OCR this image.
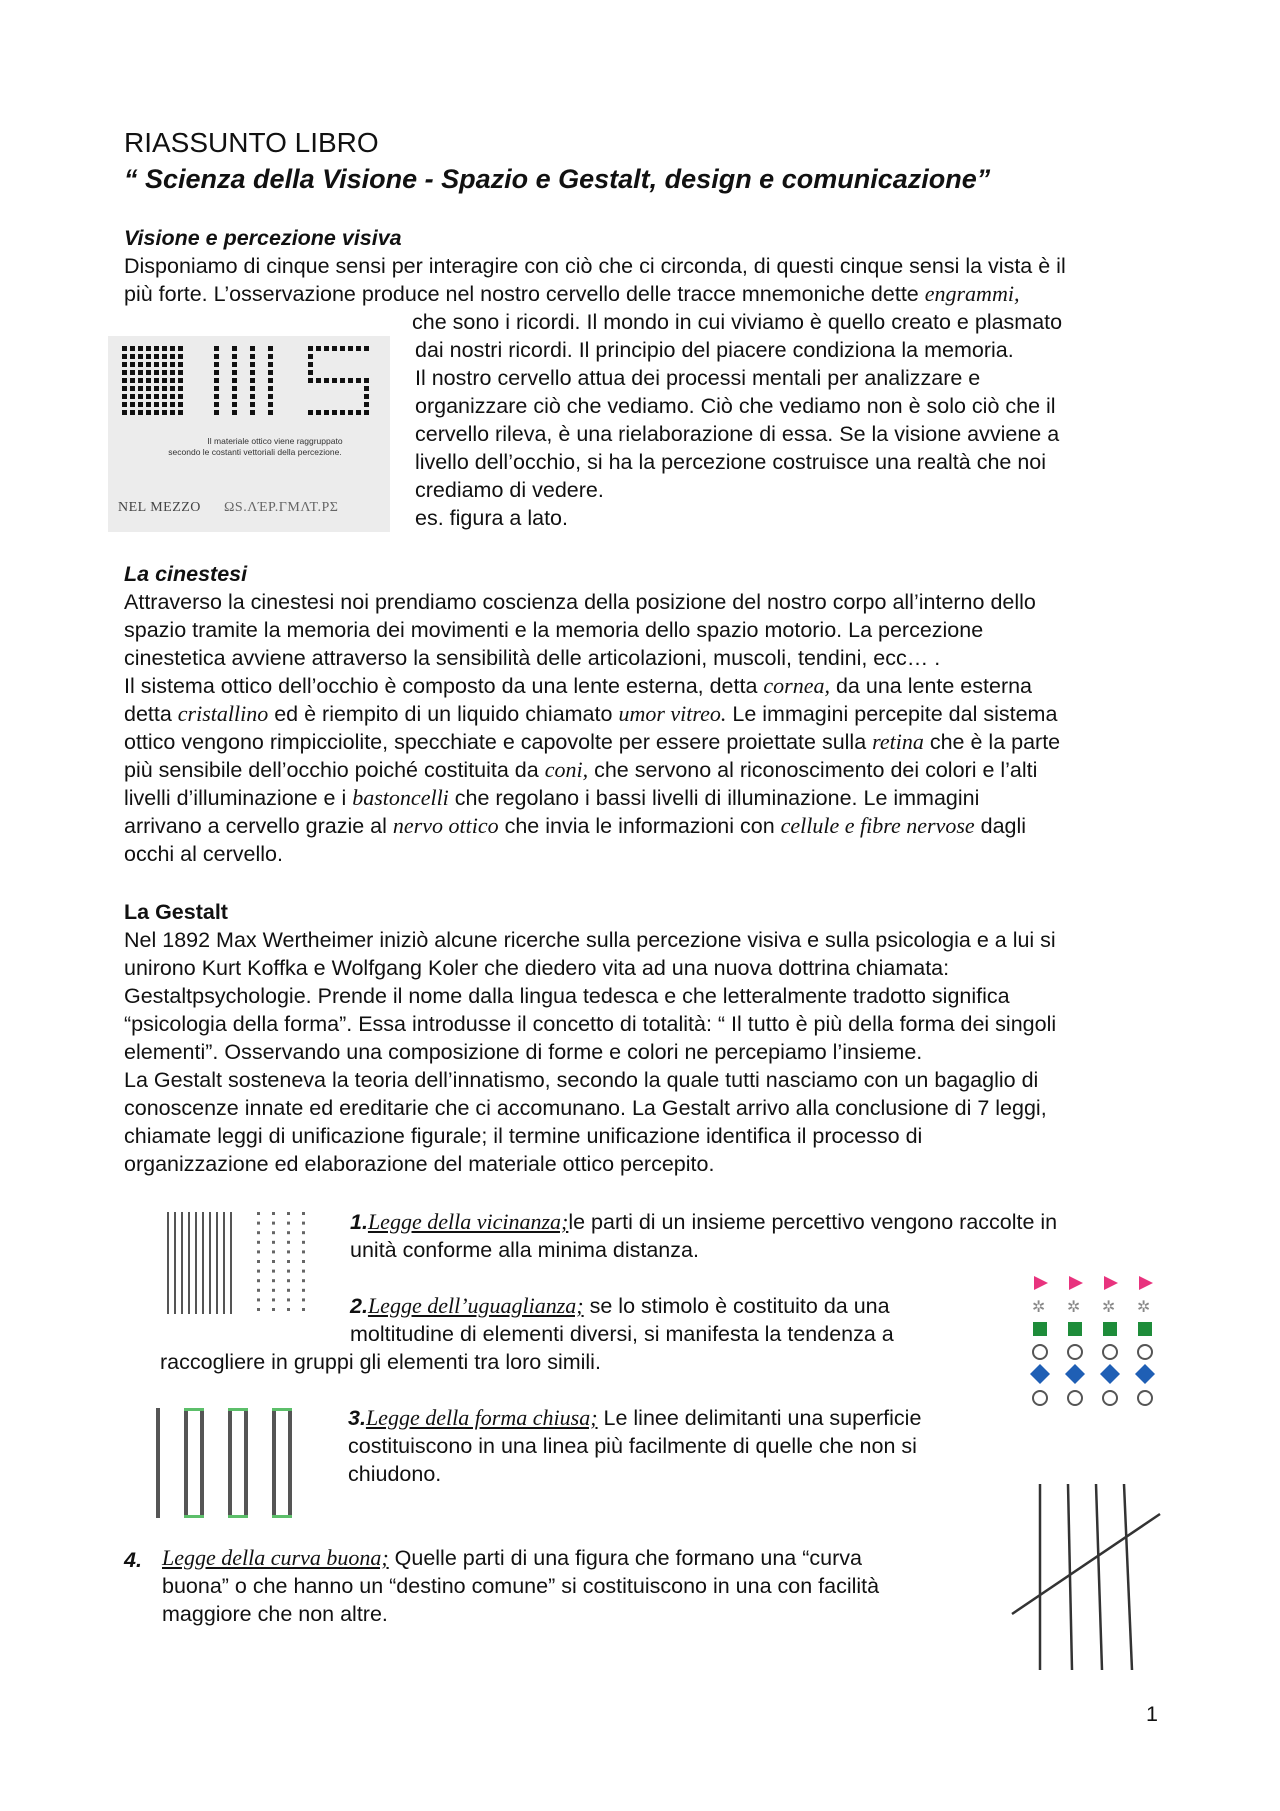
RIASSUNTO LIBRO
“ Scienza della Visione - Spazio e Gestalt, design e comunicazione”
Visione e percezione visiva
Disponiamo di cinque sensi per interagire con ciò che ci circonda, di questi cinque sensi la vista è il
più forte. L’osservazione produce nel nostro cervello delle tracce mnemoniche dette engrammi,

che sono i ricordi. Il mondo in cui viviamo è quello creato e plasmato

dai nostri ricordi. Il principio del piacere condiziona la memoria.

Il nostro cervello attua dei processi mentali per analizzare e

organizzare ciò che vediamo. Ciò che vediamo non è solo ciò che il

cervello rileva, è una rielaborazione di essa. Se la visione avviene a

livello dell’occhio, si ha la percezione costruisce una realtà che noi

crediamo di vedere.

es. figura a lato.

Il materiale ottico viene raggruppato
secondo le costanti vettoriali della percezione.
NEL MEZZO ΩS.ɅΈΡ.ΓΜΛΤ.ΡΣ
La cinestesi

Attraverso la cinestesi noi prendiamo coscienza della posizione del nostro corpo all’interno dello

spazio tramite la memoria dei movimenti e la memoria dello spazio motorio. La percezione

cinestetica avviene attraverso la sensibilità delle articolazioni, muscoli, tendini, ecc… .

Il sistema ottico dell’occhio è composto da una lente esterna, detta cornea, da una lente esterna

detta cristallino ed è riempito di un liquido chiamato umor vitreo. Le immagini percepite dal sistema

ottico vengono rimpicciolite, specchiate e capovolte per essere proiettate sulla retina che è la parte

più sensibile dell’occhio poiché costituita da coni, che servono al riconoscimento dei colori e l’alti

livelli d’illuminazione e i bastoncelli che regolano i bassi livelli di illuminazione. Le immagini

arrivano a cervello grazie al nervo ottico che invia le informazioni con cellule e fibre nervose dagli

occhi al cervello.

La Gestalt

Nel 1892 Max Wertheimer iniziò alcune ricerche sulla percezione visiva e sulla psicologia e a lui si

unirono Kurt Koffka e Wolfgang Koler che diedero vita ad una nuova dottrina chiamata:

Gestaltpsychologie. Prende il nome dalla lingua tedesca e che letteralmente tradotto significa

“psicologia della forma”. Essa introdusse il concetto di totalità: “ Il tutto è più della forma dei singoli

elementi”. Osservando una composizione di forme e colori ne percepiamo l’insieme.

La Gestalt sosteneva la teoria dell’innatismo, secondo la quale tutti nasciamo con un bagaglio di

conoscenze innate ed ereditarie che ci accomunano. La Gestalt arrivo alla conclusione di 7 leggi,

chiamate leggi di unificazione figurale; il termine unificazione identifica il processo di

organizzazione ed elaborazione del materiale ottico percepito.

1.Legge della vicinanza;le parti di un insieme percettivo vengono raccolte in

unità conforme alla minima distanza.

2.Legge dell’uguaglianza; se lo stimolo è costituito da una

moltitudine di elementi diversi, si manifesta la tendenza a

raccogliere in gruppi gli elementi tra loro simili.
✲ ✲ ✲ ✲

3.Legge della forma chiusa; Le linee delimitanti una superficie

costituiscono in una linea più facilmente di quelle che non si

chiudono.

4. Legge della curva buona; Quelle parti di una figura che formano una “curva

buona” o che hanno un “destino comune” si costituiscono in una con facilità

maggiore che non altre.

1
